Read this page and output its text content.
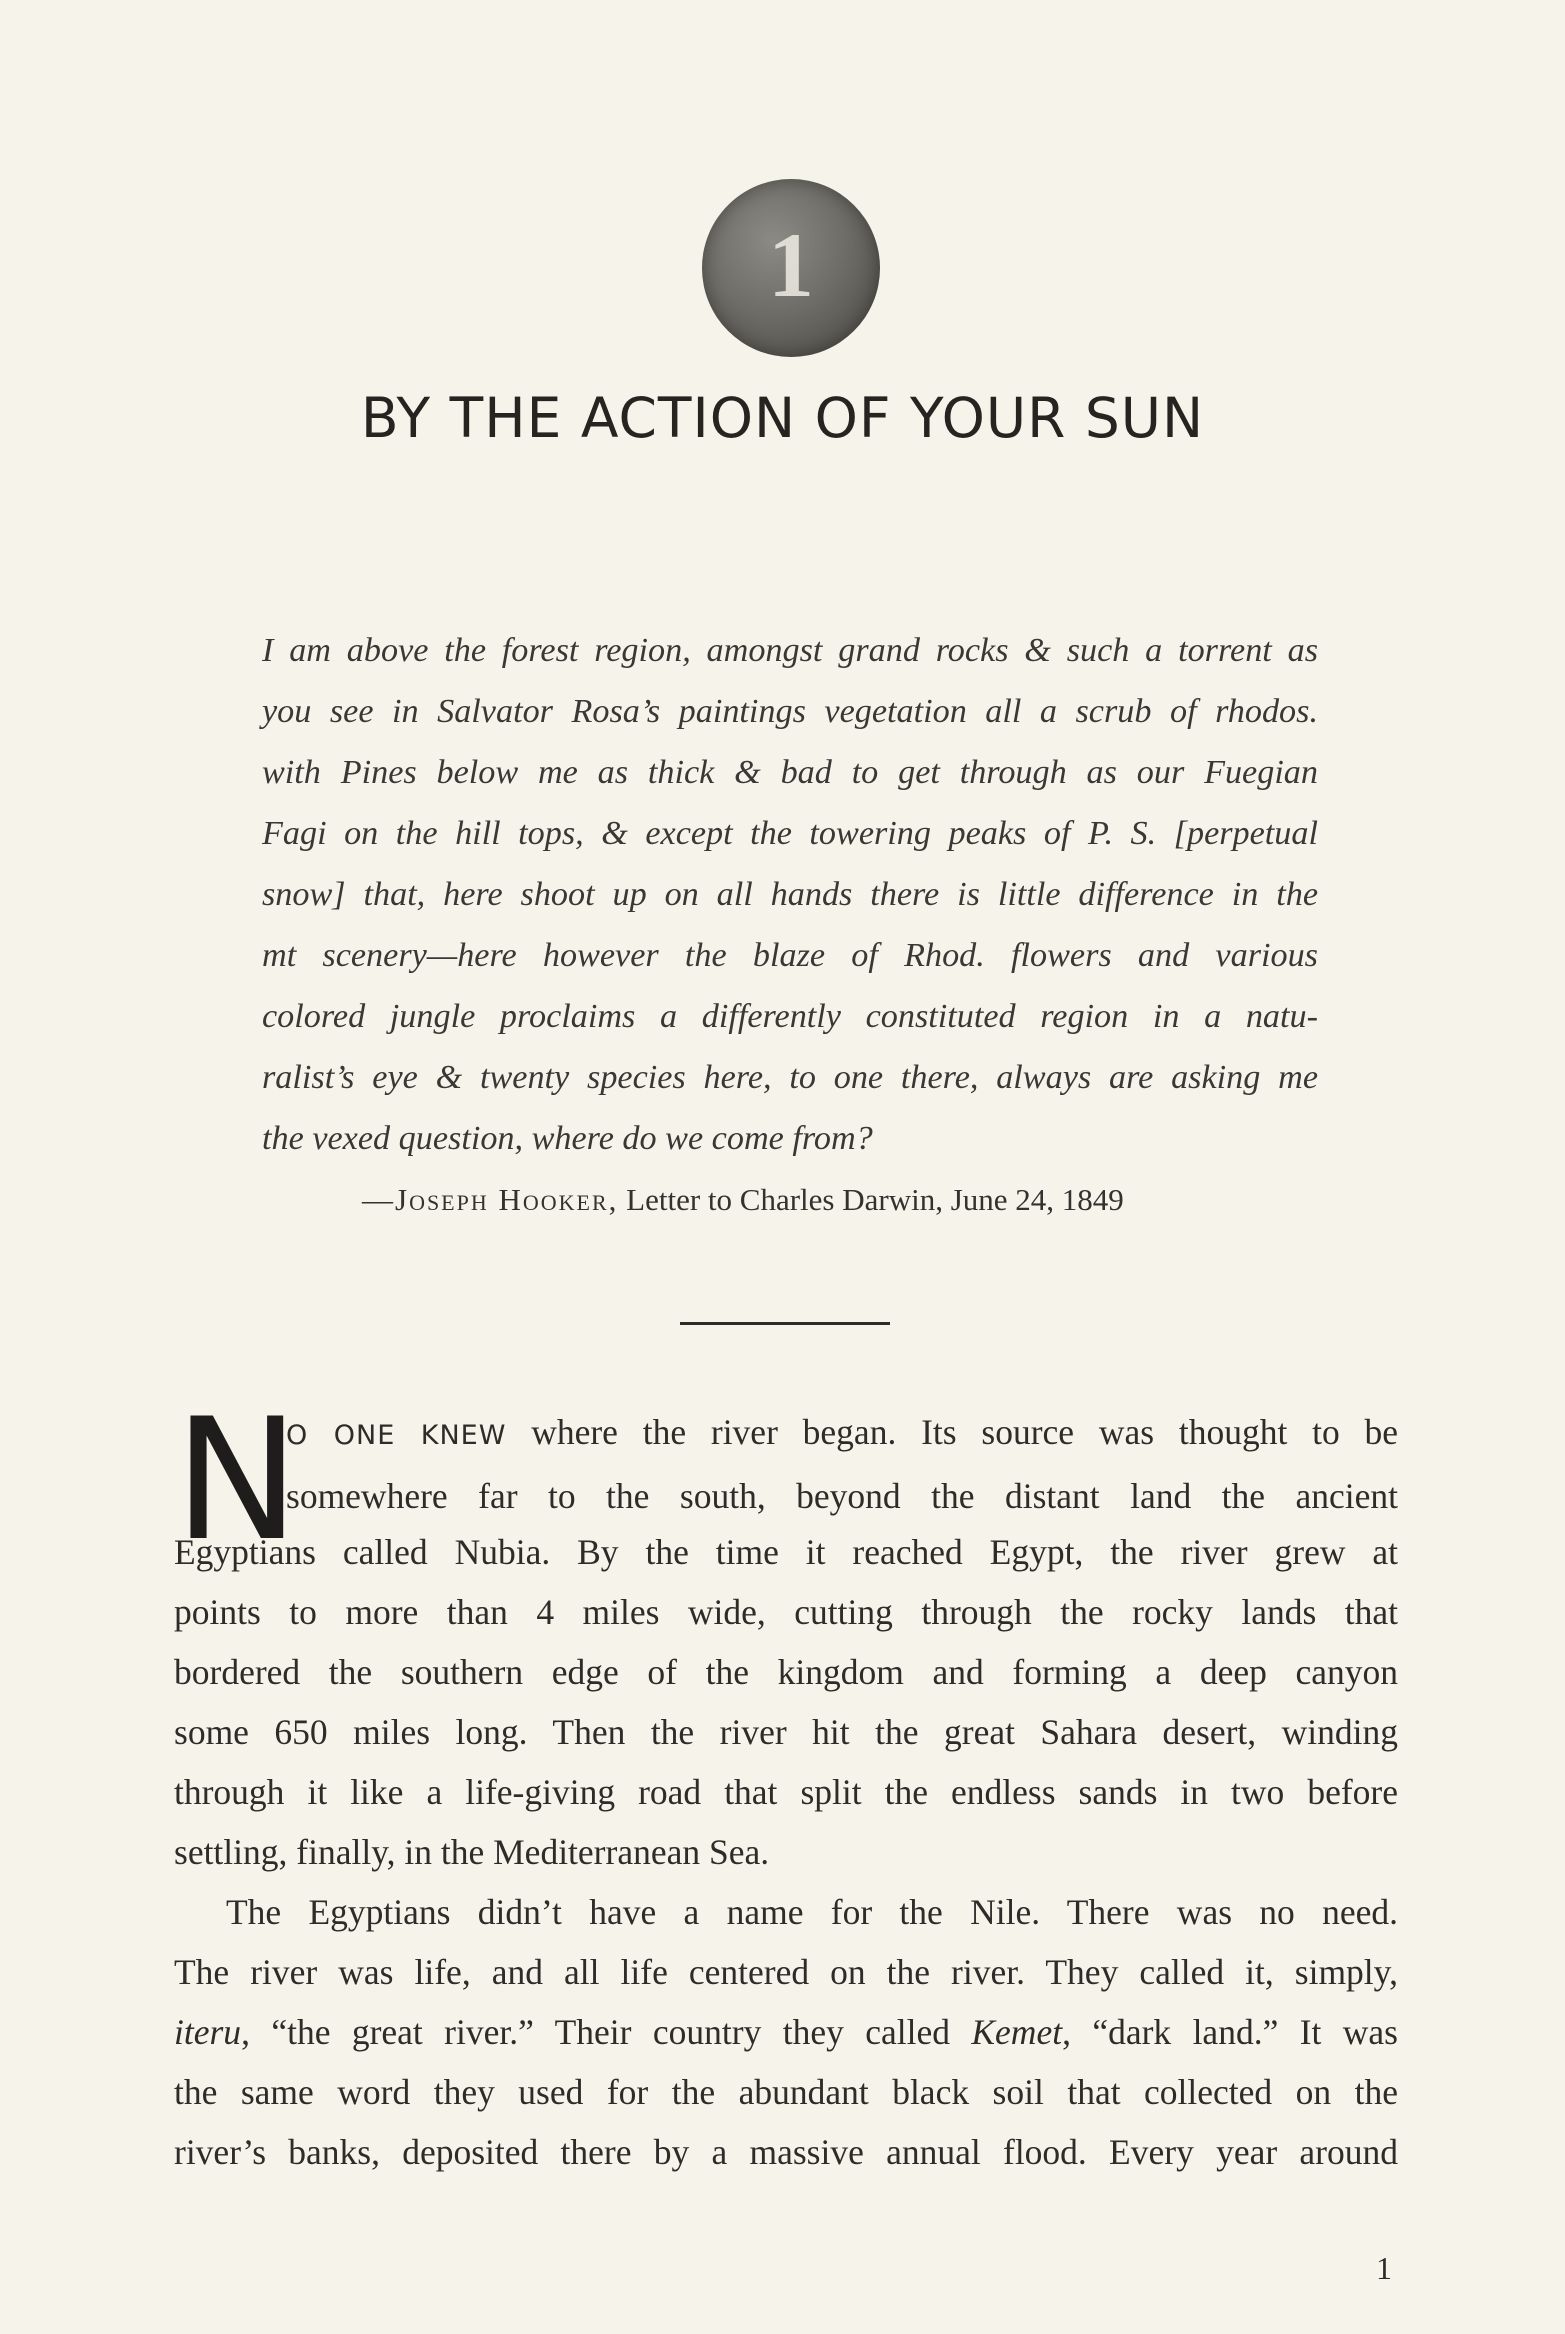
1
BY THE ACTION OF YOUR SUN
I am above the forest region, amongst grand rocks & such a torrent as
you see in Salvator Rosa’s paintings vegetation all a scrub of rhodos.
with Pines below me as thick & bad to get through as our Fuegian
Fagi on the hill tops, & except the towering peaks of P. S. [perpetual
snow] that, here shoot up on all hands there is little difference in the
mt scenery—here however the blaze of Rhod. flowers and various
colored jungle proclaims a differently constituted region in a natu-
ralist’s eye & twenty species here, to one there, always are asking me
the vexed question, where do we come from?
—Joseph Hooker, Letter to Charles Darwin, June 24, 1849
N
O ONE KNEW where the river began. Its source was thought to be
somewhere far to the south, beyond the distant land the ancient
Egyptians called Nubia. By the time it reached Egypt, the river grew at
points to more than 4 miles wide, cutting through the rocky lands that
bordered the southern edge of the kingdom and forming a deep canyon
some 650 miles long. Then the river hit the great Sahara desert, winding
through it like a life-giving road that split the endless sands in two before
settling, finally, in the Mediterranean Sea.
The Egyptians didn’t have a name for the Nile. There was no need.
The river was life, and all life centered on the river. They called it, simply,
iteru, “the great river.” Their country they called Kemet, “dark land.” It was
the same word they used for the abundant black soil that collected on the
river’s banks, deposited there by a massive annual flood. Every year around
1
